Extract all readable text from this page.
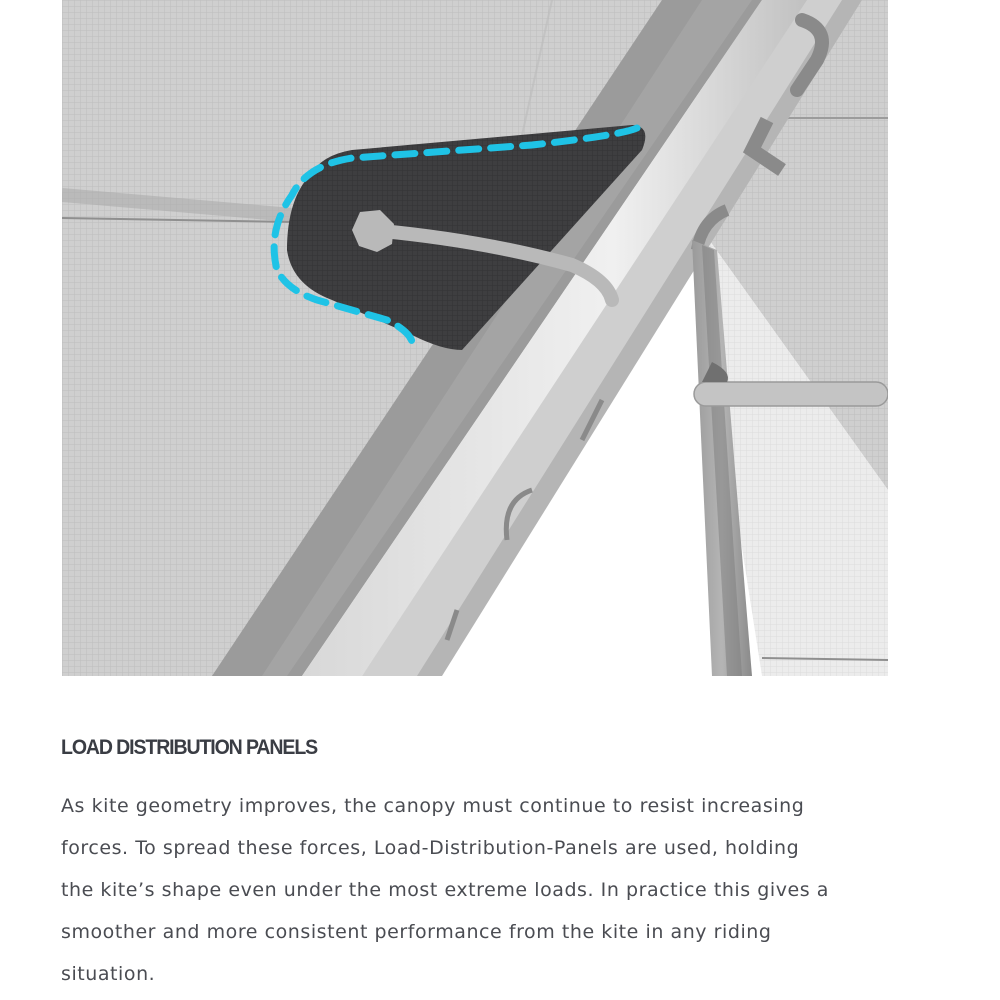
LOAD DISTRIBUTION PANELS

As kite geometry improves, the canopy must continue to resist increasing
forces. To spread these forces, Load-Distribution-Panels are used, holding
the kite’s shape even under the most extreme loads. In practice this gives a
smoother and more consistent performance from the kite in any riding
situation.
